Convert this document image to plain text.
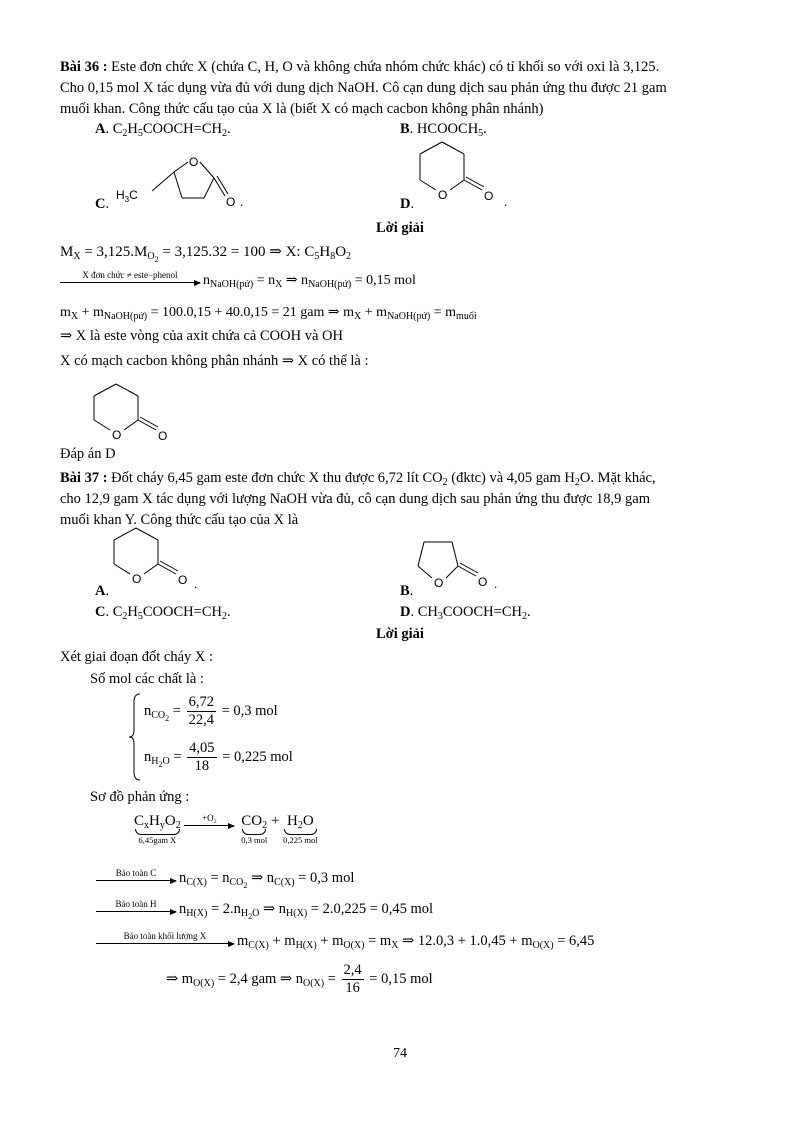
Bài 36 : Este đơn chức X (chứa C, H, O và không chứa nhóm chức khác) có tỉ khối so với oxi là 3,125.
Cho 0,15 mol X tác dụng vừa đủ với dung dịch NaOH. Cô cạn dung dịch sau phản ứng thu được 21 gam
muối khan. Công thức cấu tạo của X là (biết X có mạch cacbon không phân nhánh)
A. $C_2H_5COOCH=CH_2$.	B. $HCOOCH_5$.
C.
O
O
$H_3C$	.	D.
O	O .
Lời giải
$M_X = 3,125.M_{O_2} = 3,125.32 = 100$ ⇒ X: $C_5H_8O_2$
X đơn chức ≠ este−phenol $n_{NaOH(pứ)} = n_X$ ⇒ $n_{NaOH(pứ)} = 0,15$ mol
$m_X + m_{NaOH(pứ)} = 100.0,15 + 40.0,15 = 21$ gam ⇒ $m_X + m_{NaOH(pứ)} = m_{muối}$
⇒ X là este vòng của axit chứa cả COOH và OH
X có mạch cacbon không phân nhánh ⇒ X có thể là :
O	O
Đáp án D
Bài 37 : Đốt cháy 6,45 gam este đơn chức X thu được 6,72 lít $CO_2$ (đktc) và 4,05 gam $H_2O$. Mặt khác,
cho 12,9 gam X tác dụng với lượng NaOH vừa đủ, cô cạn dung dịch sau phản ứng thu được 18,9 gam
muối khan Y. Công thức cấu tạo của X là
A.
O	O .	B. O	O .
C. $C_2H_5COOCH=CH_2$.	D. $CH_3COOCH=CH_2$.
Lời giải
Xét giai đoạn đốt cháy X :
Số mol các chất là :
$n_{CO_2} = \frac{6,72}{22,4} = 0,3$ mol
$n_{H_2O} = \frac{4,05}{18} = 0,225$ mol
Sơ đồ phản ứng :
$C_xH_yO_2$
6,45gam X
+O₂ $CO_2$
0,3 mol
+ $H_2O$
0,225 mol
Bảo toàn C $n_{C(X)} = n_{CO_2}$ ⇒ $n_{C(X)} = 0,3$ mol
Bảo toàn H $n_{H(X)} = 2.n_{H_2O}$ ⇒ $n_{H(X)} = 2.0,225 = 0,45$ mol
Bảo toàn khối lượng X $m_{C(X)} + m_{H(X)} + m_{O(X)} = m_X$ ⇒ $12.0,3 + 1.0,45 + m_{O(X)} = 6,45$
⇒ $m_{O(X)} = 2,4$ gam ⇒ $n_{O(X)} = \frac{2,4}{16} = 0,15$ mol
74
